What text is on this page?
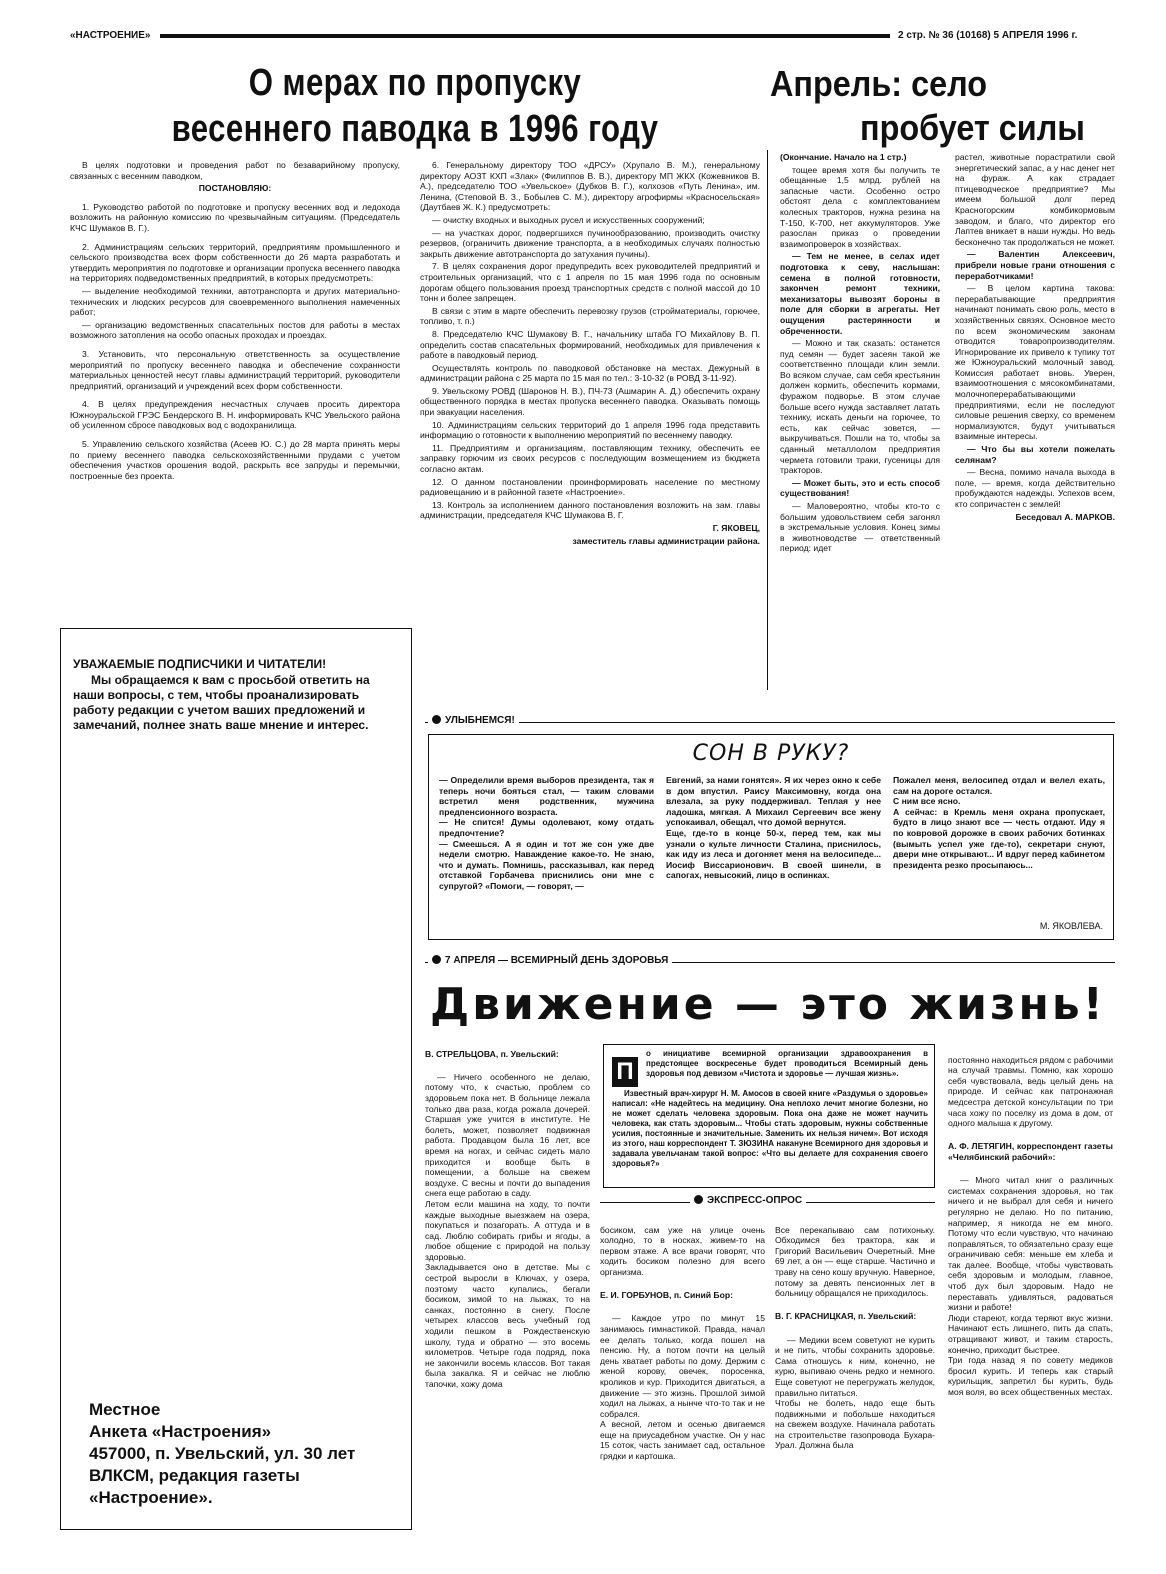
«НАСТРОЕНИЕ»	2 стр. № 36 (10168) 5 АПРЕЛЯ 1996 г.
О мерах по пропуску
весеннего паводка в 1996 году
Апрель: село
пробует силы

В целях подготовки и проведения работ по безаварийному пропуску, связанных с весенним паводком,

ПОСТАНОВЛЯЮ:

1. Руководство работой по подготовке и пропуску весенних вод и ледохода возложить на районную комиссию по чрезвычайным ситуациям. (Председатель КЧС Шумаков В. Г.).

2. Администрациям сельских территорий, предприятиям промышленного и сельского производства всех форм собственности до 26 марта разработать и утвердить мероприятия по подготовке и организации пропуска весеннего паводка на территориях подведомственных предприятий, в которых предусмотреть:

— выделение необходимой техники, автотранспорта и других материально-технических и людских ресурсов для своевременного выполнения намеченных работ;

— организацию ведомственных спасательных постов для работы в местах возможного затопления на особо опасных проходах и проездах.

3. Установить, что персональную ответственность за осуществление мероприятий по пропуску весеннего паводка и обеспечение сохранности материальных ценностей несут главы администраций территорий, руководители предприятий, организаций и учреждений всех форм собственности.

4. В целях предупреждения несчастных случаев просить директора Южноуральской ГРЭС Бендерского В. Н. информировать КЧС Увельского района об усиленном сбросе паводковых вод с водохранилища.

5. Управлению сельского хозяйства (Асеев Ю. С.) до 28 марта принять меры по приему весеннего паводка сельскохозяйственными прудами с учетом обеспечения участков орошения водой, раскрыть все запруды и перемычки, построенные без проекта.

6. Генеральному директору ТОО «ДРСУ» (Хрупало В. М.), генеральному директору АОЗТ КХП «Злак» (Филиппов В. В.), директору МП ЖКХ (Кожевников В. А.), председателю ТОО «Увельское» (Дубков В. Г.), колхозов «Путь Ленина», им. Ленина, (Степовой В. З., Бобылев С. М.), директору агрофирмы «Красносельская» (Даутбаев Ж. К.) предусмотреть:

— очистку входных и выходных русел и искусственных сооружений;

— на участках дорог, подвергшихся пучинообразованию, производить очистку резервов, (ограничить движение транспорта, а в необходимых случаях полностью закрыть движение автотранспорта до затухания пучины).

7. В целях сохранения дорог предупредить всех руководителей предприятий и строительных организаций, что с 1 апреля по 15 мая 1996 года по основным дорогам общего пользования проезд транспортных средств с полной массой до 10 тонн и более запрещен.

В связи с этим в марте обеспечить перевозку грузов (стройматериалы, горючее, топливо, т. п.)

8. Председателю КЧС Шумакову В. Г., начальнику штаба ГО Михайлову В. П. определить состав спасательных формирований, необходимых для привлечения к работе в паводковый период.

Осуществлять контроль по паводковой обстановке на местах. Дежурный в администрации района с 25 марта по 15 мая по тел.: 3-10-32 (в РОВД 3-11-92).

9. Увельскому РОВД (Шаронов Н. В.), ПЧ-73 (Ашмарин А. Д.) обеспечить охрану общественного порядка в местах пропуска весеннего паводка. Оказывать помощь при эвакуации населения.

10. Администрациям сельских территорий до 1 апреля 1996 года представить информацию о готовности к выполнению мероприятий по весеннему паводку.

11. Предприятиям и организациям, поставляющим технику, обеспечить ее заправку горючим из своих ресурсов с последующим возмещением из бюджета согласно актам.

12. О данном постановлении проинформировать население по местному радиовещанию и в районной газете «Настроение».

13. Контроль за исполнением данного постановления возложить на зам. главы администрации, председателя КЧС Шумакова В. Г.

Г. ЯКОВЕЦ,

заместитель главы администрации района.

(Окончание. Начало на 1 стр.)

тощее время хотя бы получить те обещанные 1,5 млрд. рублей на запасные части. Особенно остро обстоят дела с комплектованием колесных тракторов, нужна резина на Т-150, К-700, нет аккумуляторов. Уже разослан приказ о проведении взаимопроверок в хозяйствах.

— Тем не менее, в селах идет подготовка к севу, наслышан: семена в полной готовности, закончен ремонт техники, механизаторы вывозят бороны в поле для сборки в агрегаты. Нет ощущения растерянности и обреченности.

— Можно и так сказать: останется пуд семян — будет засеян такой же соответственно площади клин земли. Во всяком случае, сам себя крестьянин должен кормить, обеспечить кормами, фуражом подворье. В этом случае больше всего нужда заставляет латать технику, искать деньги на горючее, то есть, как сейчас зовется, — выкручиваться. Пошли на то, чтобы за сданный металлолом предприятия чермета готовили траки, гусеницы для тракторов.

— Может быть, это и есть способ существования!

— Маловероятно, чтобы кто-то с большим удовольствием себя загонял в экстремальные условия. Конец зимы в животноводстве — ответственный период: идет

растел, животные порастратили свой энергетический запас, а у нас денег нет на фураж. А как страдает птицеводческое предприятие? Мы имеем большой долг перед Красногорским комбикормовым заводом, и благо, что директор его Лаптев вникает в наши нужды. Но ведь бесконечно так продолжаться не может.

— Валентин Алексеевич, прибрели новые грани отношения с переработчиками!

— В целом картина такова: перерабатывающие предприятия начинают понимать свою роль, место в хозяйственных связях. Основное место по всем экономическим законам отводится товаропроизводителям. Игнорирование их привело к тупику тот же Южноуральский молочный завод. Комиссия работает вновь. Уверен, взаимоотношения с мясокомбинатами, молочноперерабатывающими предприятиями, если не последуют силовые решения сверху, со временем нормализуются, будут учитываться взаимные интересы.

— Что бы вы хотели пожелать селянам?

— Весна, помимо начала выхода в поле, — время, когда действительно пробуждаются надежды. Успехов всем, кто сопричастен с землей!

Беседовал А. МАРКОВ.

УВАЖАЕМЫЕ ПОДПИСЧИКИ И ЧИТАТЕЛИ!
Мы обращаемся к вам с просьбой ответить на наши вопросы, с тем, чтобы проанализировать работу редакции с учетом ваших предложений и замечаний, полнее знать ваше мнение и интерес.
Местное
Анкета «Настроения»
457000, п. Увельский, ул. 30 лет ВЛКСМ, редакция газеты «Настроение».
УЛЫБНЕМСЯ!
СОН В РУКУ?
— Определили время выборов президента, так я теперь ночи бояться стал, — таким словами встретил меня родственник, мужчина предпенсионного возраста.
— Не спится! Думы одолевают, кому отдать предпочтение?
— Смеешься. А я один и тот же сон уже две недели смотрю. Наваждение какое-то. Не знаю, что и думать. Помнишь, рассказывал, как перед отставкой Горбачева приснились они мне с супругой? «Помоги, — говорят, —
Евгений, за нами гонятся». Я их через окно к себе в дом впустил. Раису Максимовну, когда она влезала, за руку поддерживал. Теплая у нее ладошка, мягкая. А Михаил Сергеевич все жену успокаивал, обещал, что домой вернутся.
Еще, где-то в конце 50-х, перед тем, как мы узнали о культе личности Сталина, приснилось, как иду из леса и догоняет меня на велосипеде... Иосиф Виссарионович. В своей шинели, в сапогах, невысокий, лицо в оспинках.
Пожалел меня, велосипед отдал и велел ехать, сам на дороге остался.
С ним все ясно.
А сейчас: в Кремль меня охрана пропускает, будто в лицо знают все — честь отдают. Иду я по ковровой дорожке в своих рабочих ботинках (вымыть успел уже где-то), секретари снуют, двери мне открывают... И вдруг перед кабинетом президента резко просыпаюсь...
М. ЯКОВЛЕВА.
7 АПРЕЛЯ — ВСЕМИРНЫЙ ДЕНЬ ЗДОРОВЬЯ
Движение — это жизнь!

В. СТРЕЛЬЦОВА, п. Увельский:

— Ничего особенного не делаю, потому что, к счастью, проблем со здоровьем пока нет. В больнице лежала только два раза, когда рожала дочерей. Старшая уже учится в институте. Не болеть, может, позволяет подвижная работа. Продавцом была 16 лет, все время на ногах, и сейчас сидеть мало приходится и вообще быть в помещении, а больше на свежем воздухе. С весны и почти до выпадения снега еще работаю в саду.
Летом если машина на ходу, то почти каждые выходные выезжаем на озера, покупаться и позагорать. А оттуда и в сад. Люблю собирать грибы и ягоды, а любое общение с природой на пользу здоровью.
Закладывается оно в детстве. Мы с сестрой выросли в Ключах, у озера, поэтому часто купались, бегали босиком, зимой то на лыжах, то на санках, постоянно в снегу. После четырех классов весь учебный год ходили пешком в Рождественскую школу, туда и обратно — это восемь километров. Четыре года подряд, пока не закончили восемь классов. Вот такая была закалка. Я и сейчас не люблю тапочки, хожу дома

П
о инициативе всемирной организации здравоохранения в предстоящее воскресенье будет проводиться Всемирный день здоровья под девизом «Чистота и здоровье — лучшая жизнь».
Известный врач-хирург Н. М. Амосов в своей книге «Раздумья о здоровье» написал: «Не надейтесь на медицину. Она неплохо лечит многие болезни, но не может сделать человека здоровым. Пока она даже не может научить человека, как стать здоровым... Чтобы стать здоровым, нужны собственные усилия, постоянные и значительные. Заменить их нельзя ничем». Вот исходя из этого, наш корреспондент Т. ЗЮЗИНА накануне Всемирного дня здоровья и задавала увельчанам такой вопрос: «Что вы делаете для сохранения своего здоровья?»
ЭКСПРЕСС-ОПРОС

босиком, сам уже на улице очень холодно, то в носках, живем-то на первом этаже. А все врачи говорят, что ходить босиком полезно для всего организма.

Е. И. ГОРБУНОВ, п. Синий Бор:

— Каждое утро по минут 15 занимаюсь гимнастикой. Правда, начал ее делать только, когда пошел на пенсию. Ну, а потом почти на целый день хватает работы по дому. Держим с женой корову, овечек, поросенка, кроликов и кур. Приходится двигаться, а движение — это жизнь. Прошлой зимой ходил на лыжах, а нынче что-то так и не собрался.
А весной, летом и осенью двигаемся еще на приусадебном участке. Он у нас 15 соток, часть занимает сад, остальное грядки и картошка.

Все перекапываю сам потихоньку. Обходимся без трактора, как и Григорий Васильевич Очеретный. Мне 69 лет, а он — еще старше. Частично и траву на сено кошу вручную. Наверное, потому за девять пенсионных лет в больницу обращался не приходилось.

В. Г. КРАСНИЦКАЯ, п. Увельский:

— Медики всем советуют не курить и не пить, чтобы сохранить здоровье. Сама отношусь к ним, конечно, не курю, выпиваю очень редко и немного. Еще советуют не перегружать желудок, правильно питаться.
Чтобы не болеть, надо еще быть подвижными и побольше находиться на свежем воздухе. Начинала работать на строительстве газопровода Бухара-Урал. Должна была

постоянно находиться рядом с рабочими на случай травмы. Помню, как хорошо себя чувствовала, ведь целый день на природе. И сейчас как патронажная медсестра детской консультации по три часа хожу по поселку из дома в дом, от одного малыша к другому.

А. Ф. ЛЕТЯГИН, корреспондент газеты «Челябинский рабочий»:

— Много читал книг о различных системах сохранения здоровья, но так ничего и не выбрал для себя и ничего регулярно не делаю. Но по питанию, например, я никогда не ем много. Потому что если чувствую, что начинаю поправляться, то обязательно сразу еще ограничиваю себя: меньше ем хлеба и так далее. Вообще, чтобы чувствовать себя здоровым и молодым, главное, чтоб дух был здоровым. Надо не переставать удивляться, радоваться жизни и работе!
Люди стареют, когда теряют вкус жизни. Начинают есть лишнего, пить да спать, отращивают живот, и таким старость, конечно, приходит быстрее.
Три года назад я по совету медиков бросил курить. И теперь как старый курильщик, запретил бы курить, будь моя воля, во всех общественных местах.
